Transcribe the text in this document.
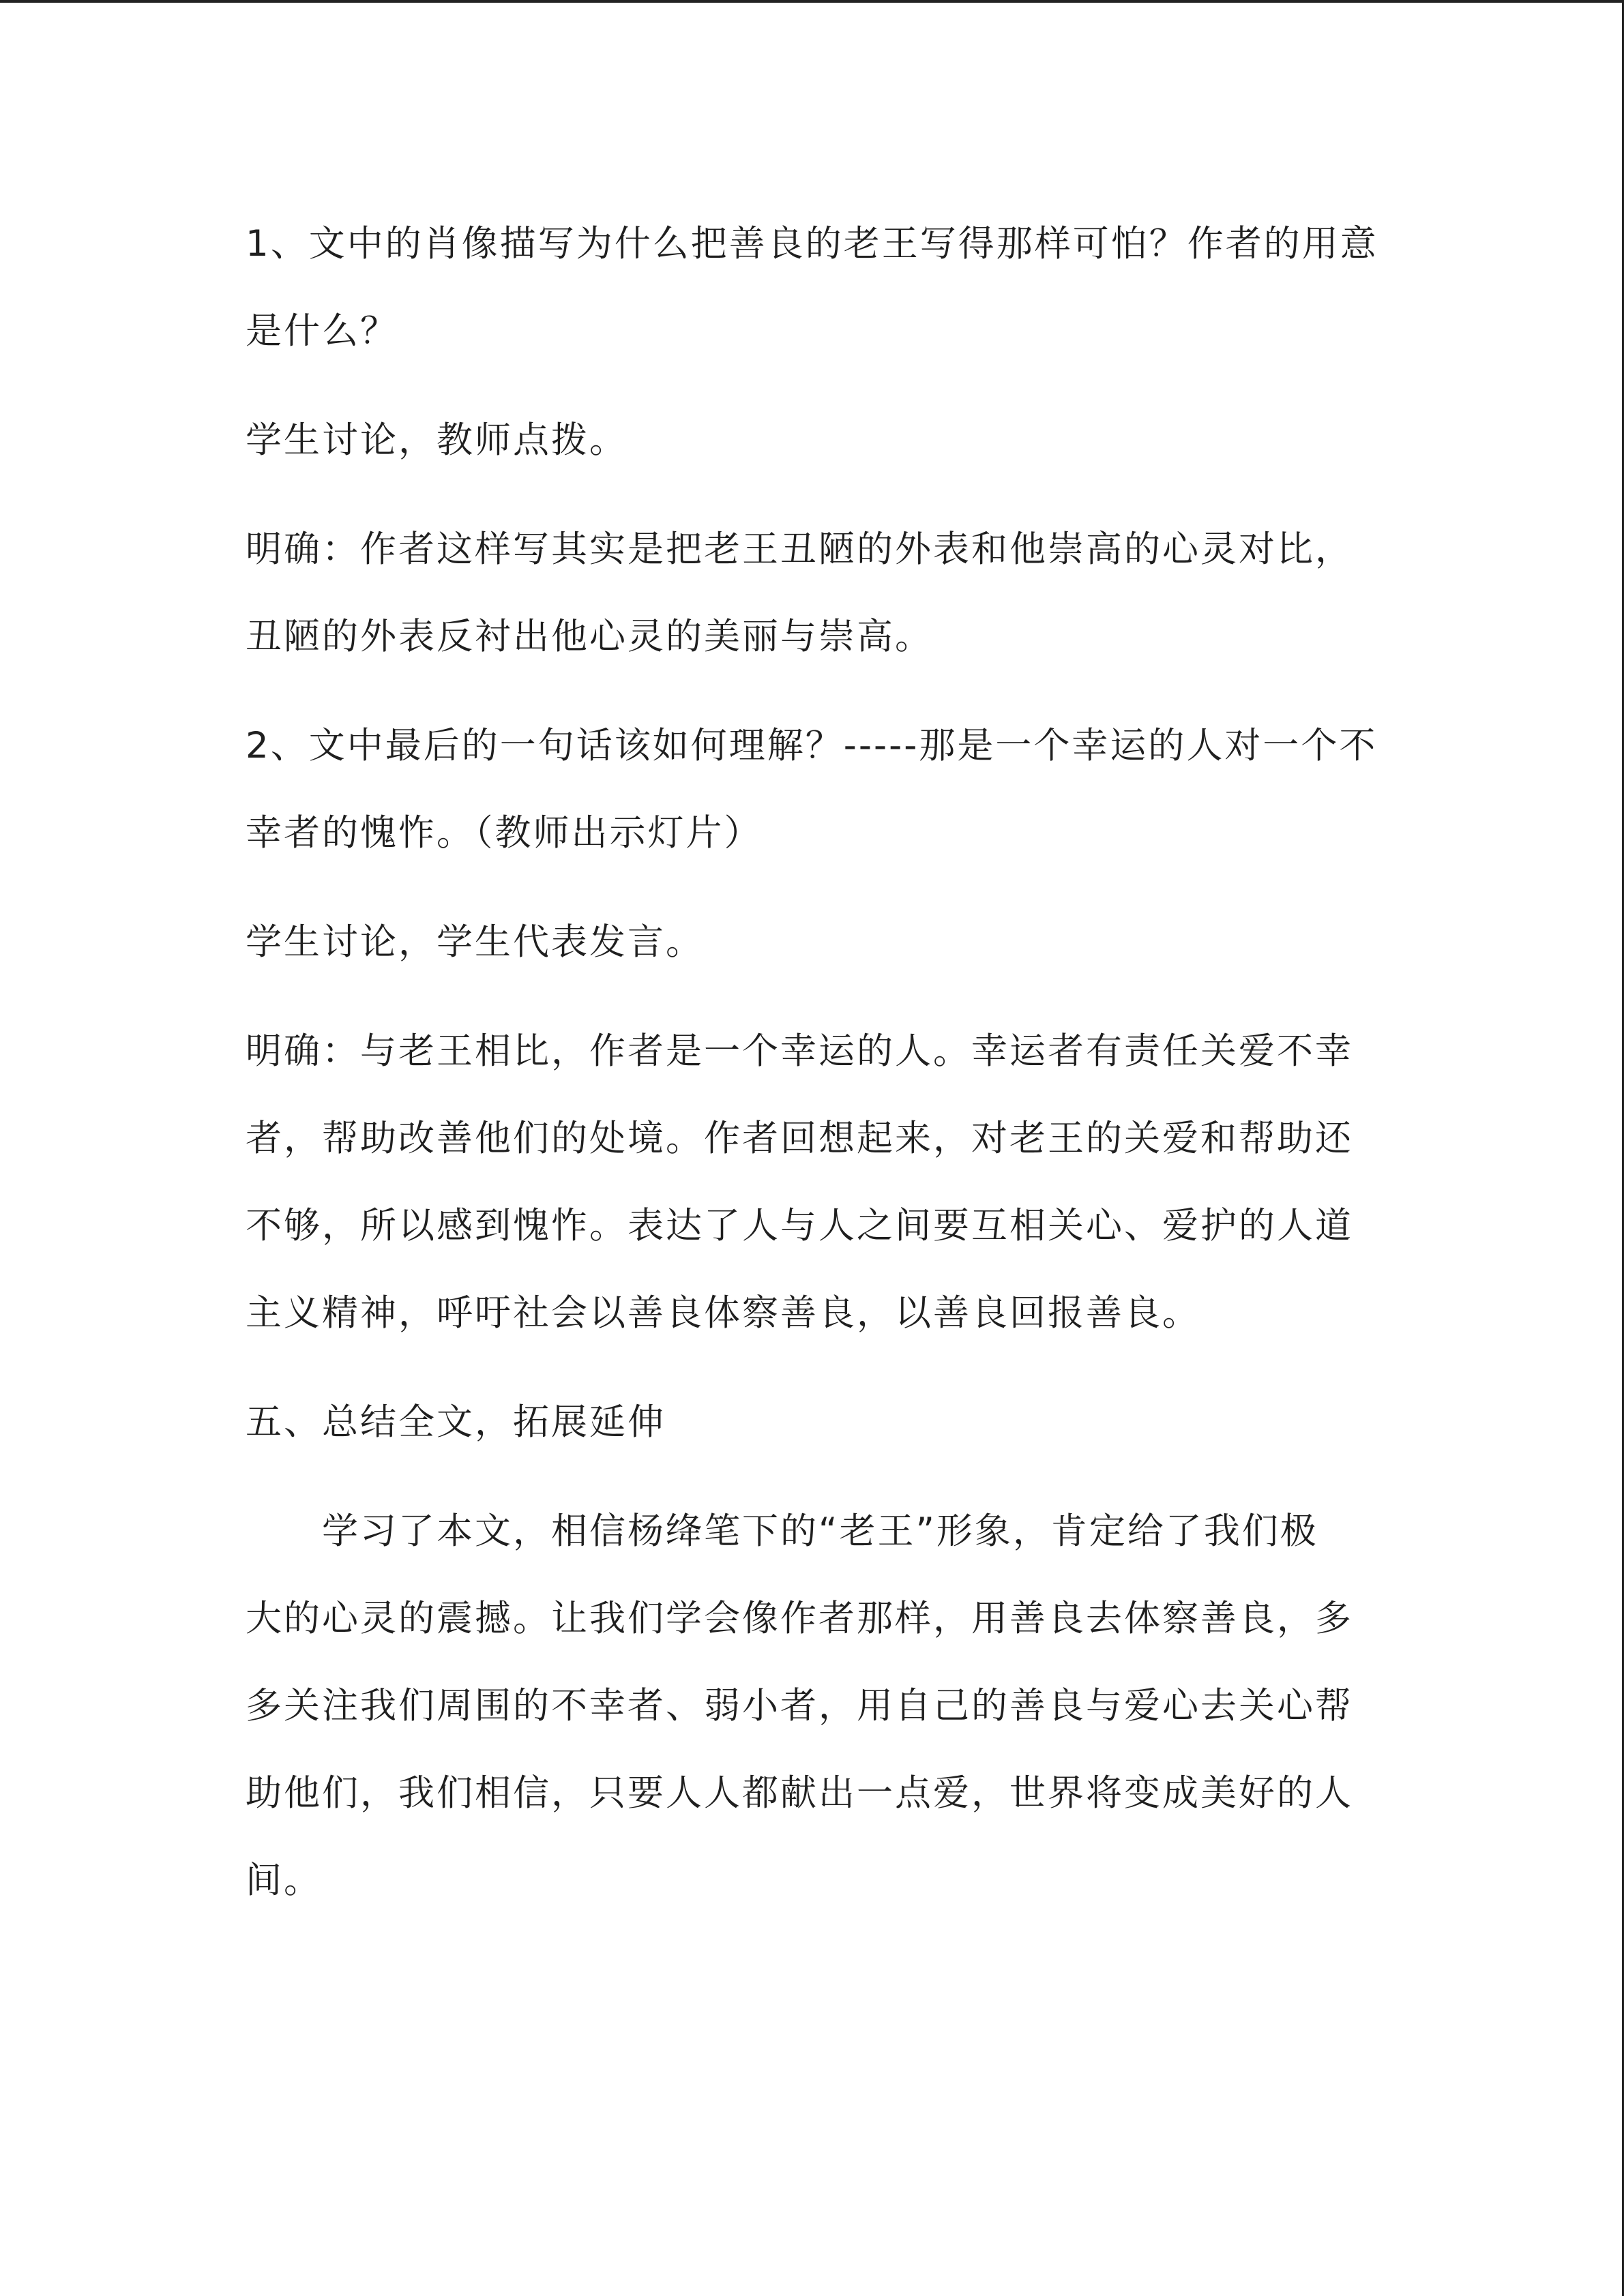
1、文中的肖像描写为什么把善良的老王写得那样可怕？作者的用意
是什么？

学生讨论，教师点拨。

明确：作者这样写其实是把老王丑陋的外表和他崇高的心灵对比，
丑陋的外表反衬出他心灵的美丽与崇高。

2、文中最后的一句话该如何理解？-----那是一个幸运的人对一个不
幸者的愧怍。（教师出示灯片）

学生讨论，学生代表发言。

明确：与老王相比，作者是一个幸运的人。幸运者有责任关爱不幸
者，帮助改善他们的处境。作者回想起来，对老王的关爱和帮助还
不够，所以感到愧怍。表达了人与人之间要互相关心、爱护的人道
主义精神，呼吁社会以善良体察善良，以善良回报善良。

五、总结全文，拓展延伸

　　学习了本文，相信杨绛笔下的“老王”形象，肯定给了我们极
大的心灵的震撼。让我们学会像作者那样，用善良去体察善良，多
多关注我们周围的不幸者、弱小者，用自己的善良与爱心去关心帮
助他们，我们相信，只要人人都献出一点爱，世界将变成美好的人
间。
